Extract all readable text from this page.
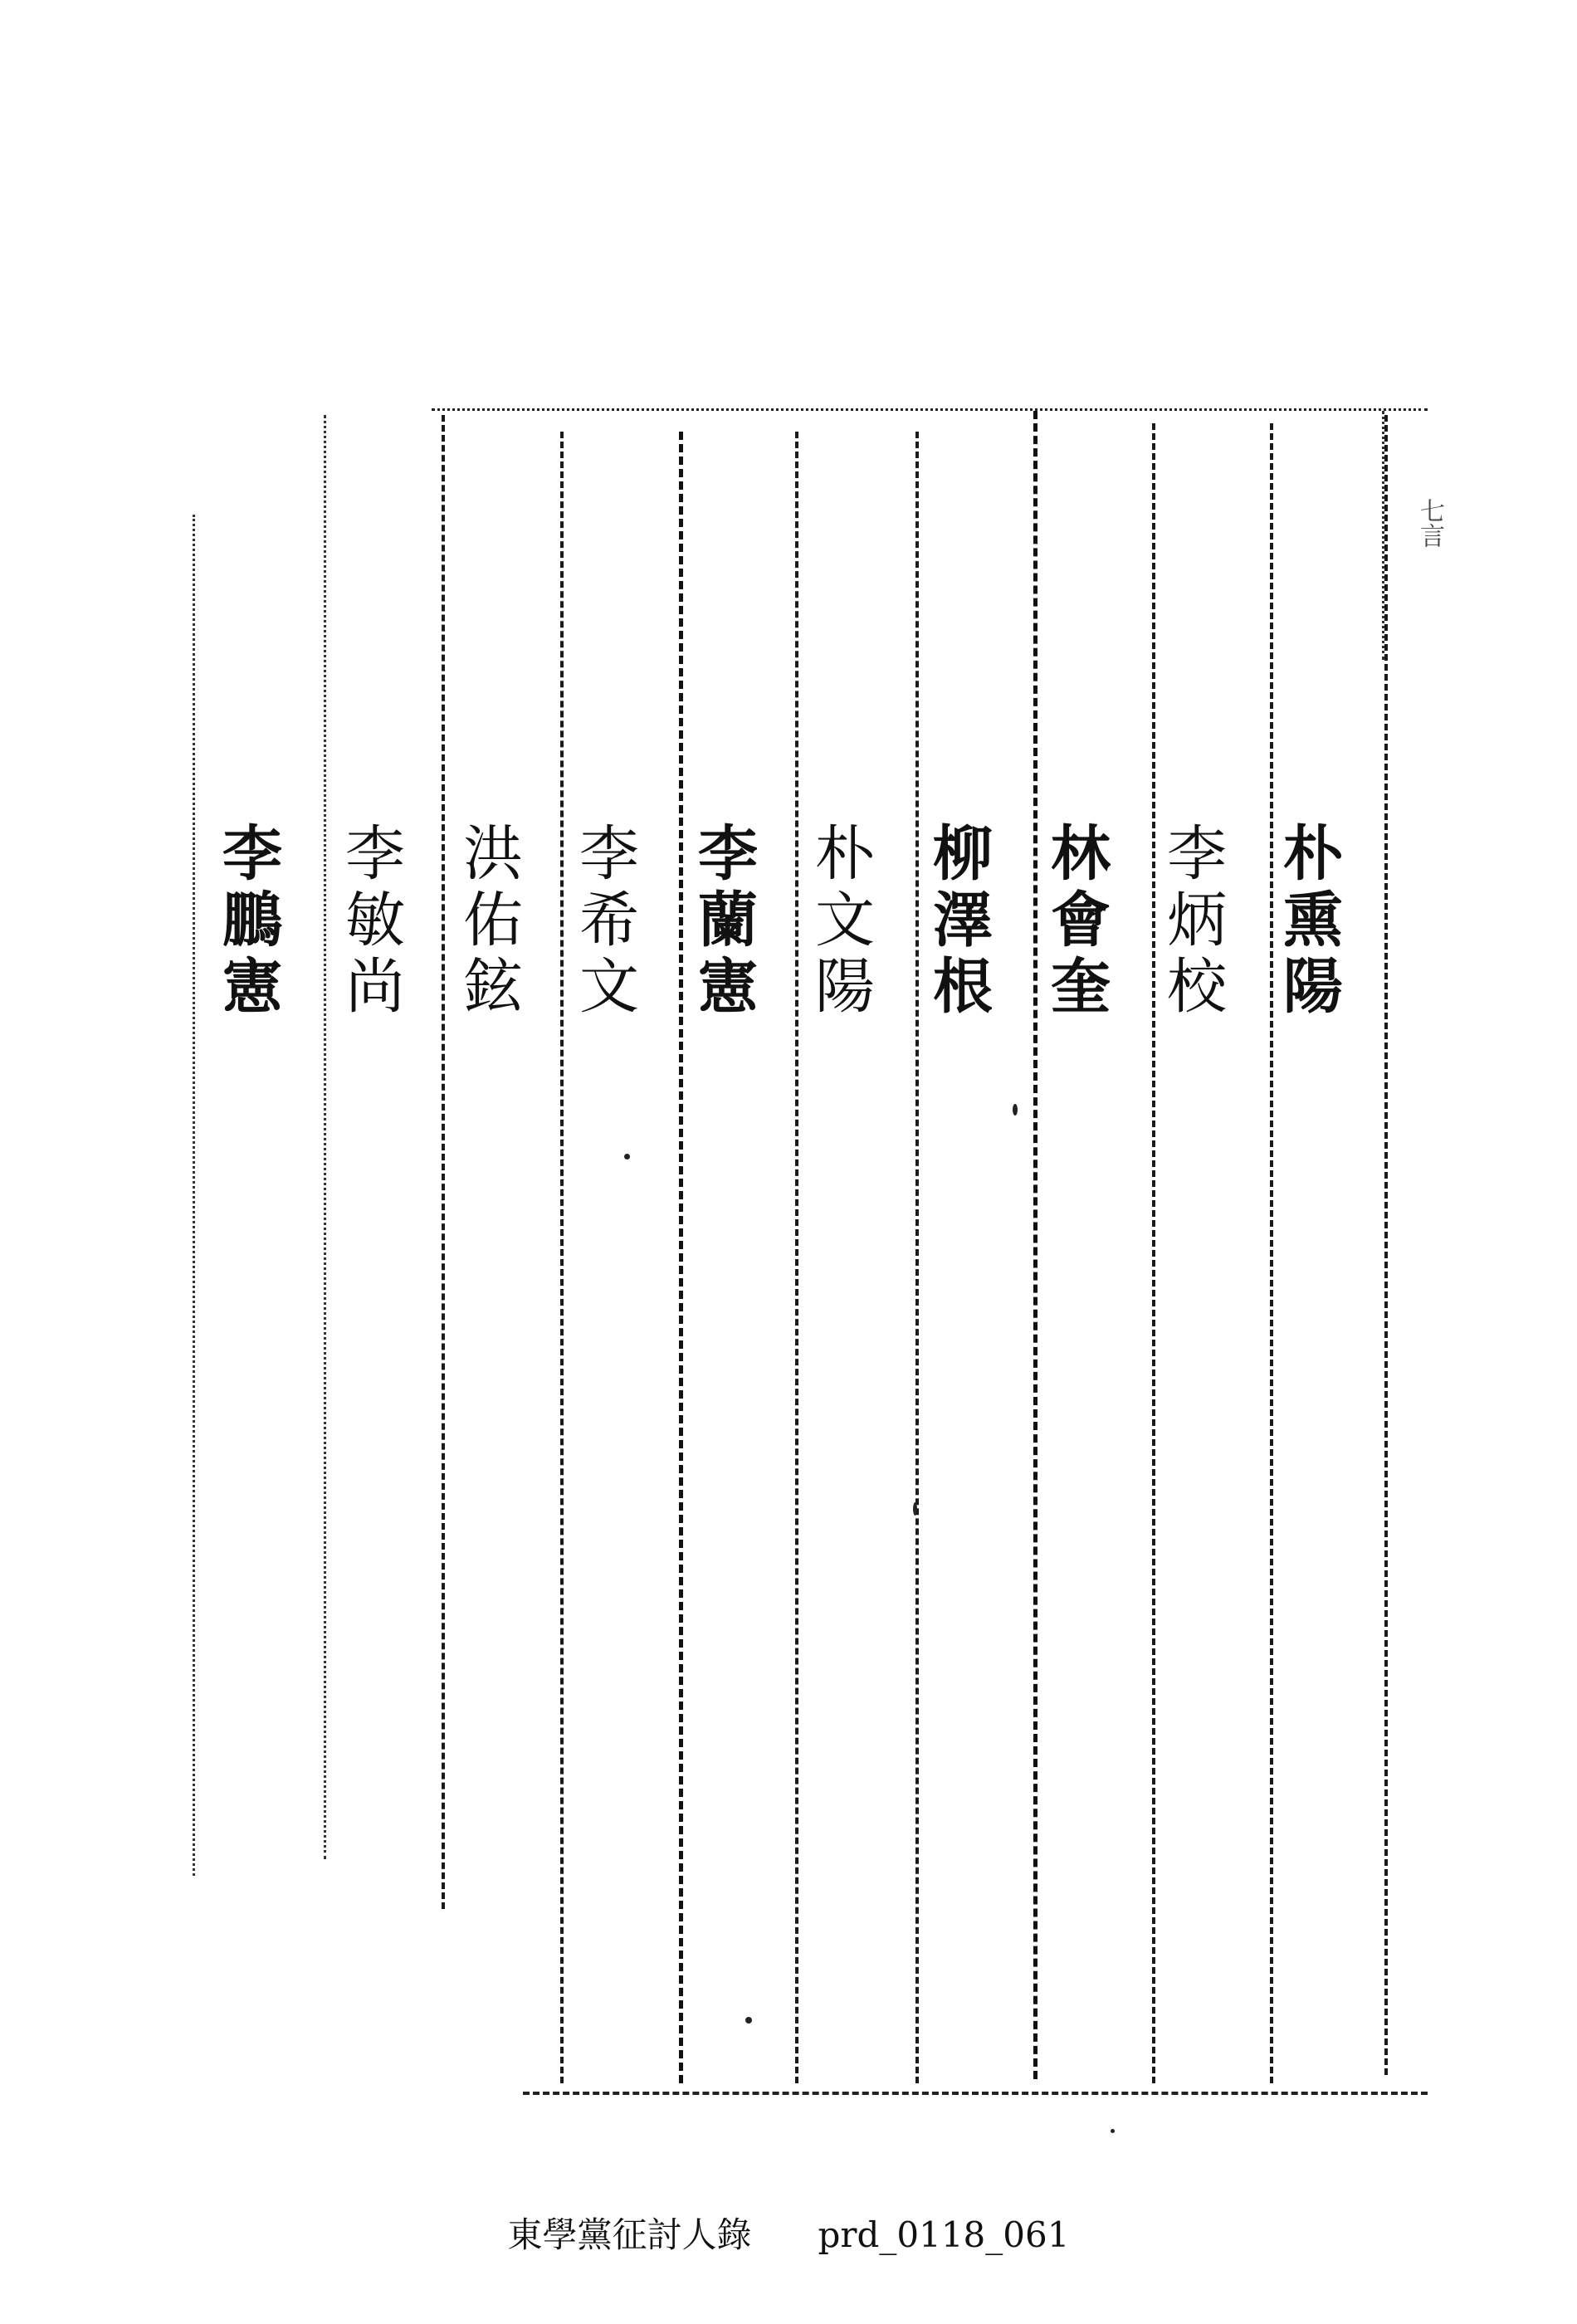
七言
朴熏陽
李炳校
林會奎
柳澤根
朴文陽
李蘭憲
李希文
洪佑鉉
李敏尚
李鵬憲
東學黨征討人錄 prd_0118_061
